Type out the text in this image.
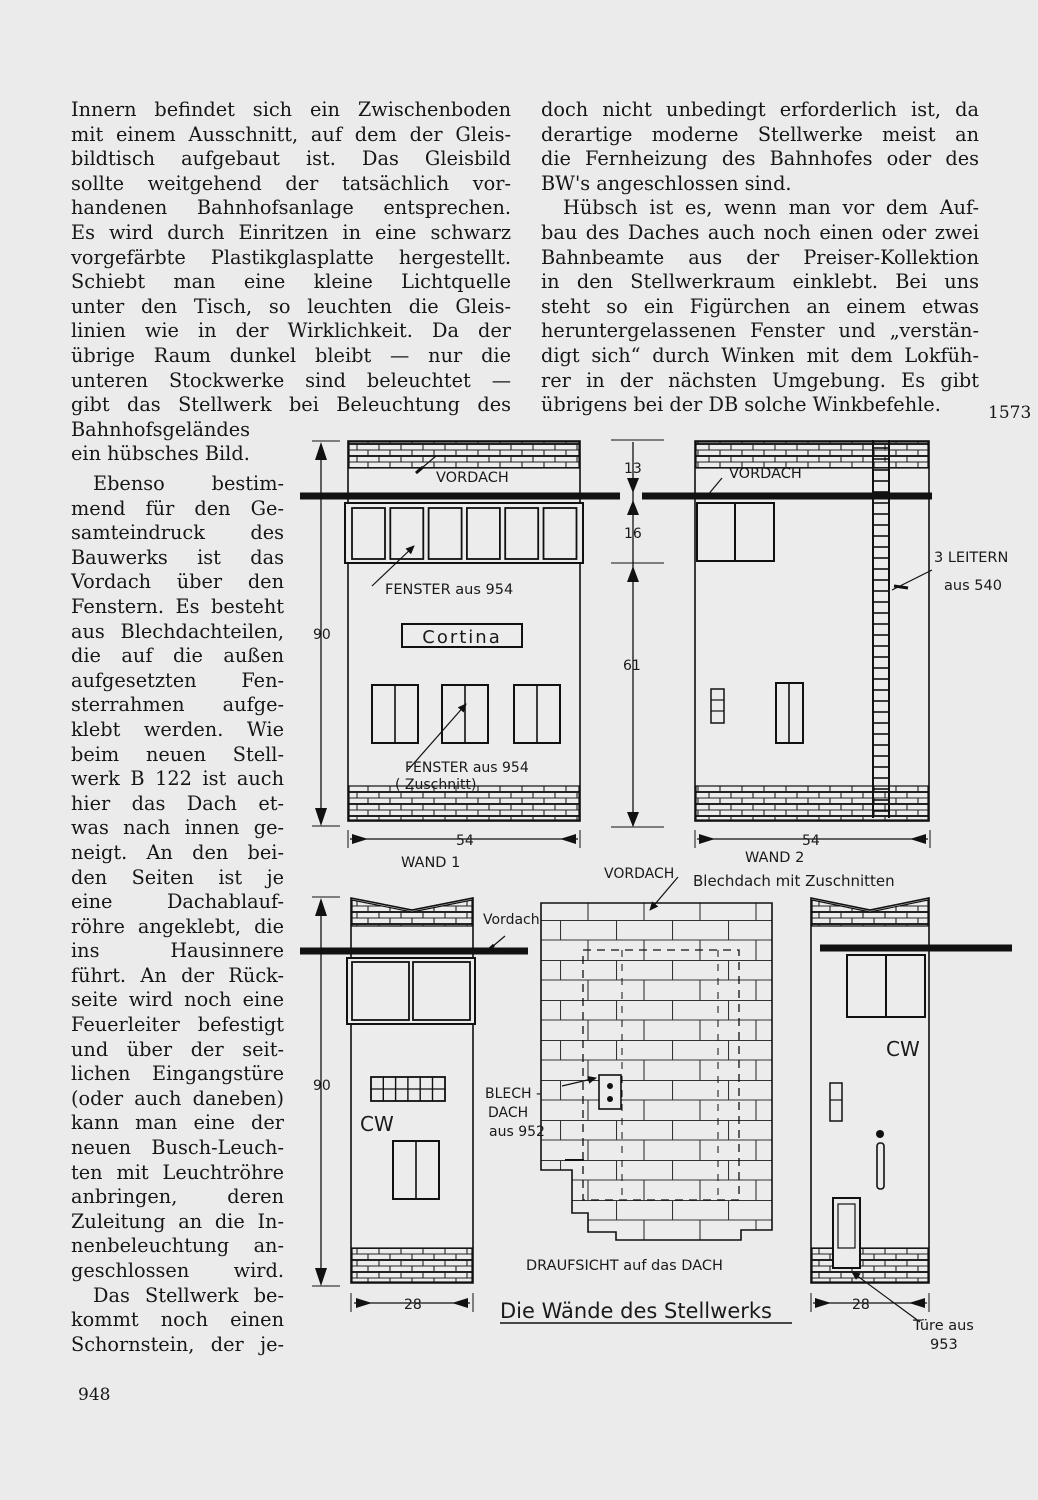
Innern befindet sich ein Zwischenboden
mit einem Ausschnitt, auf dem der Gleis-
bildtisch aufgebaut ist. Das Gleisbild
sollte weitgehend der tatsächlich vor-
handenen Bahnhofsanlage entsprechen.
Es wird durch Einritzen in eine schwarz
vorgefärbte Plastikglasplatte hergestellt.
Schiebt man eine kleine Lichtquelle
unter den Tisch, so leuchten die Gleis-
linien wie in der Wirklichkeit. Da der
übrige Raum dunkel bleibt — nur die
unteren Stockwerke sind beleuchtet —
gibt das Stellwerk bei Beleuchtung des
Bahnhofsgeländes
ein hübsches Bild.
Ebenso bestim-
mend für den Ge-
samteindruck des
Bauwerks ist das
Vordach über den
Fenstern. Es besteht
aus Blechdachteilen,
die auf die außen
aufgesetzten Fen-
sterrahmen aufge-
klebt werden. Wie
beim neuen Stell-
werk B 122 ist auch
hier das Dach et-
was nach innen ge-
neigt. An den bei-
den Seiten ist je
eine Dachablauf-
röhre angeklebt, die
ins Hausinnere
führt. An der Rück-
seite wird noch eine
Feuerleiter befestigt
und über der seit-
lichen Eingangstüre
(oder auch daneben)
kann man eine der
neuen Busch-Leuch-
ten mit Leuchtröhre
anbringen, deren
Zuleitung an die In-
nenbeleuchtung an-
geschlossen wird.
Das Stellwerk be-
kommt noch einen
Schornstein, der je-
doch nicht unbedingt erforderlich ist, da
derartige moderne Stellwerke meist an
die Fernheizung des Bahnhofes oder des
BW's angeschlossen sind.
Hübsch ist es, wenn man vor dem Auf-
bau des Daches auch noch einen oder zwei
Bahnbeamte aus der Preiser-Kollektion
in den Stellwerkraum einklebt. Bei uns
steht so ein Figürchen an einem etwas
heruntergelassenen Fenster und „verstän-
digt sich“ durch Winken mit dem Lokfüh-
rer in der nächsten Umgebung. Es gibt
übrigens bei der DB solche Winkbefehle.	1573
948
VORDACH
FENSTER aus 954
Cortina
FENSTER aus 954
( Zuschnitt)
90
54
WAND 1
13
16
61
VORDACH
3 LEITERN
aus 540
54
WAND 2
Vordach
CW
90
28
VORDACH Blechdach mit Zuschnitten
BLECH -
DACH
aus 952
DRAUFSICHT auf das DACH
CW
28
Türe aus
953
Die Wände des Stellwerks
